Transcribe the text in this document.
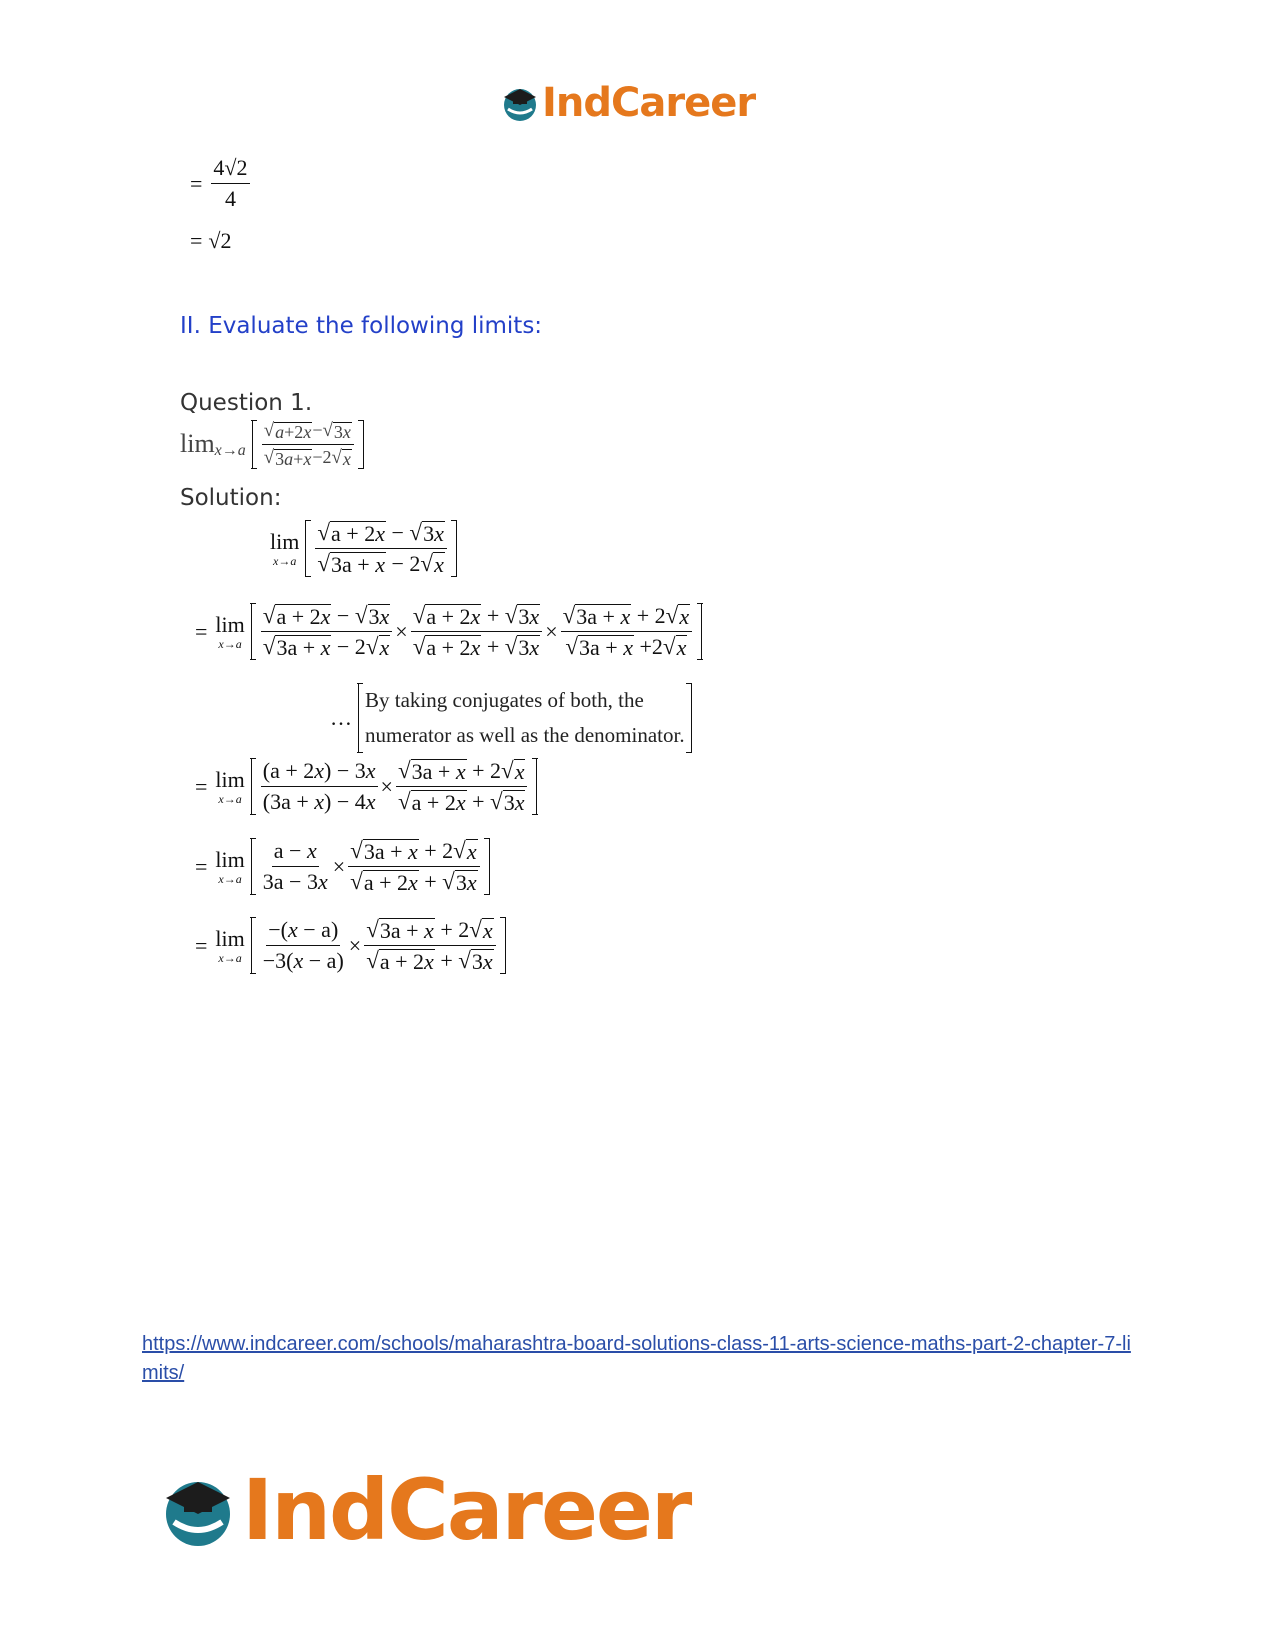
IndCareer
= $\frac{4√2}{4}$
= √2
II. Evaluate the following limits:
Question 1.
$\lim x\to a \frac{√ a+2x - √ 3x}{√ 3a+x -2 √ x}$
Solution:
lim
$x\to a \frac{√ a + 2x - √ 3x}{√ 3a + x - 2 √ x}$
= lim
$x\to a \frac{√ a + 2x - √ 3x}{√ 3a + x - 2 √ x} \times \frac{√ a + 2x + √ 3x}{√ a + 2x + √ 3x} \times \frac{√ 3a + x + 2 √ x}{√ 3a + x +2 √ x}$
…
By taking conjugates of both, the
numerator as well as the denominator.
= lim
$x\to a \frac{(a + 2x) - 3x}{(3a + x) - 4x} \times \frac{√ 3a + x + 2 √ x}{√ a + 2x + √ 3x}$
= lim
$x\to a \frac{a - x}{3a - 3x} \times \frac{√ 3a + x + 2 √ x}{√ a + 2x + √ 3x}$
= lim
$x\to a \frac{-(x - a)}{-3(x - a)} \times \frac{√ 3a + x + 2 √ x}{√ a + 2x + √ 3x}$
https://www.indcareer.com/schools/maharashtra-board-solutions-class-11-arts-science-maths-part-2-chapter-7-limits/
IndCareer
